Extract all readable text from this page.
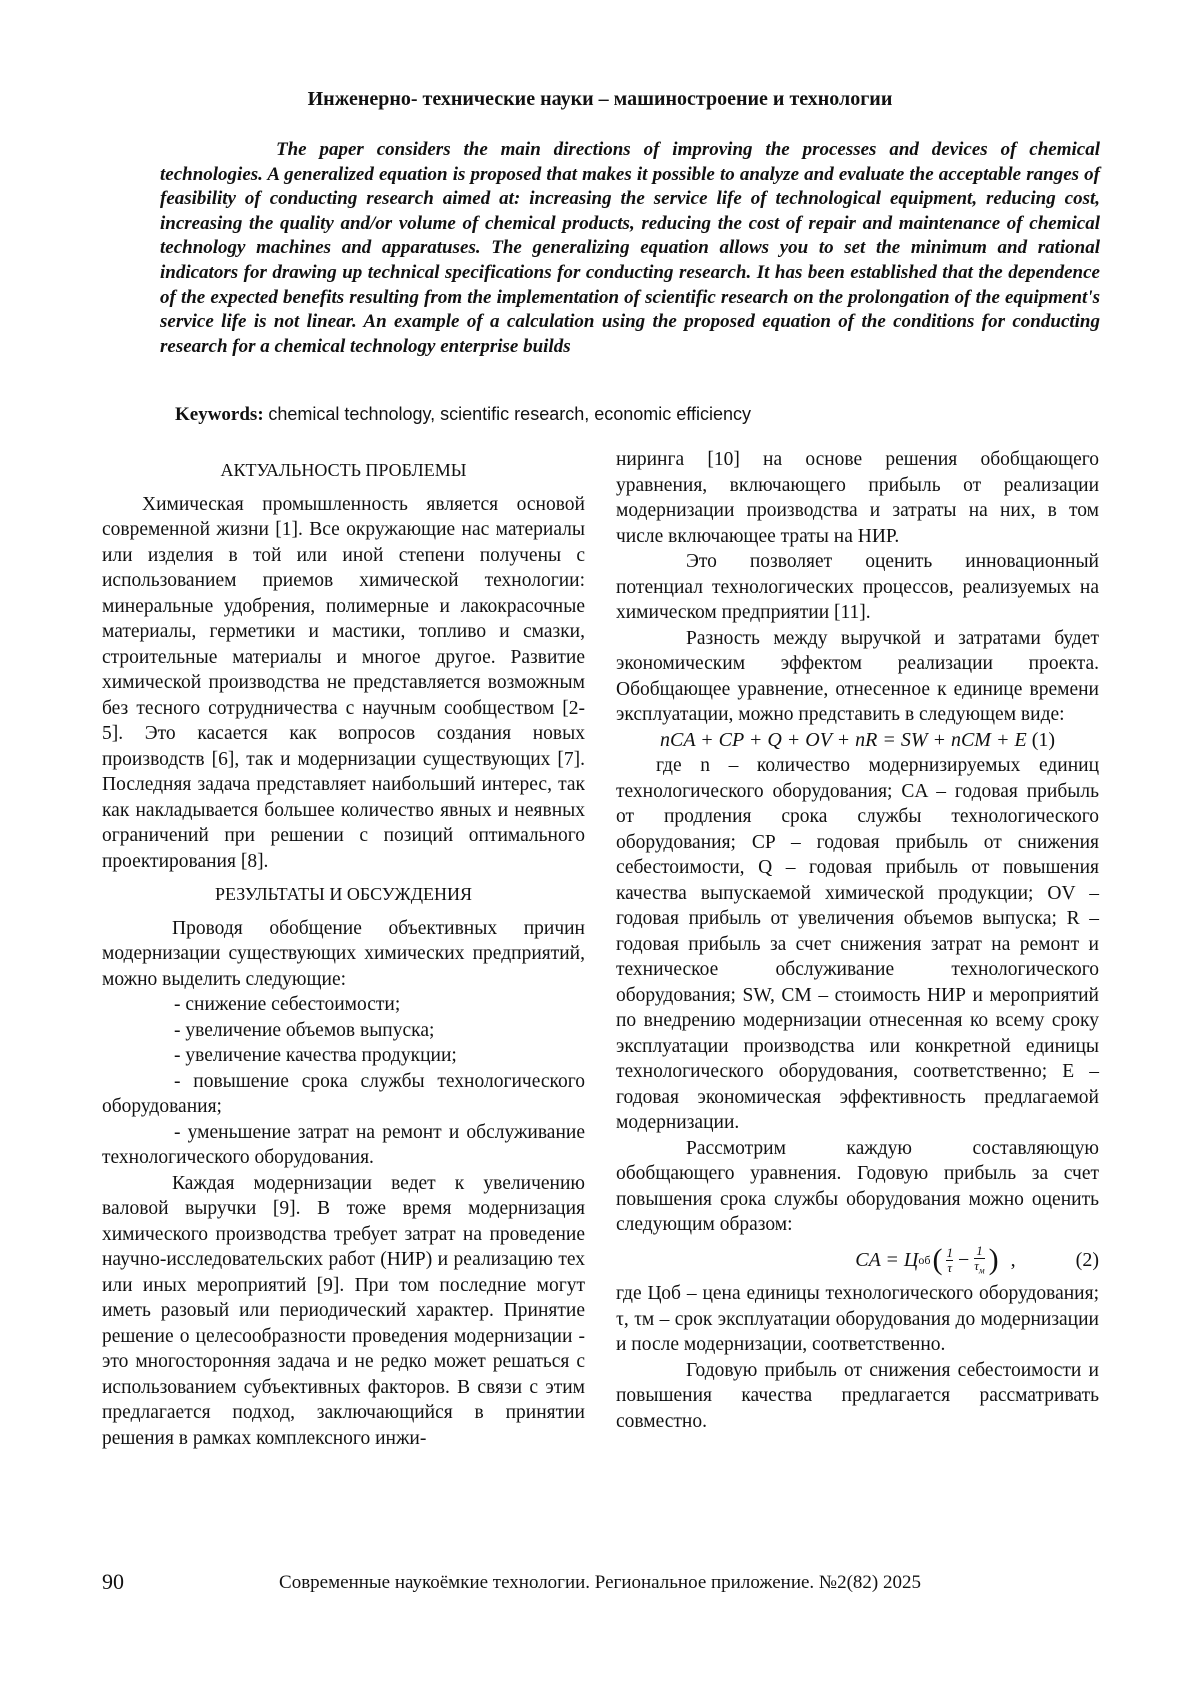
Инженерно- технические науки – машиностроение и технологии

The paper considers the main directions of improving the processes and devices of chemical technologies. A generalized equation is proposed that makes it possible to analyze and evaluate the acceptable ranges of feasibility of conducting research aimed at: increasing the service life of technological equipment, reducing cost, increasing the quality and/or volume of chemical products, reducing the cost of repair and maintenance of chemical technology machines and apparatuses. The generalizing equation allows you to set the minimum and rational indicators for drawing up technical specifications for conducting research. It has been established that the dependence of the expected benefits resulting from the implementation of scientific research on the prolongation of the equipment's service life is not linear. An example of a calculation using the proposed equation of the conditions for conducting research for a chemical technology enterprise builds

Keywords: chemical technology, scientific research, economic efficiency

АКТУАЛЬНОСТЬ ПРОБЛЕМЫ

Химическая промышленность является основой современной жизни [1]. Все окружающие нас материалы или изделия в той или иной степени получены с использованием приемов химической технологии: минеральные удобрения, полимерные и лакокрасочные материалы, герметики и мастики, топливо и смазки, строительные материалы и многое другое. Развитие химической производства не представляется возможным без тесного сотрудничества с научным сообществом [2-5]. Это касается как вопросов создания новых производств [6], так и модернизации существующих [7]. Последняя задача представляет наибольший интерес, так как накладывается большее количество явных и неявных ограничений при решении с позиций оптимального проектирования [8].

РЕЗУЛЬТАТЫ И ОБСУЖДЕНИЯ

Проводя обобщение объективных причин модернизации существующих химических предприятий, можно выделить следующие:

- снижение себестоимости;

- увеличение объемов выпуска;

- увеличение качества продукции;

- повышение срока службы технологического оборудования;

- уменьшение затрат на ремонт и обслуживание технологического оборудования.

Каждая модернизации ведет к увеличению валовой выручки [9]. В тоже время модернизация химического производства требует затрат на проведение научно-исследовательских работ (НИР) и реализацию тех или иных мероприятий [9]. При том последние могут иметь разовый или периодический характер. Принятие решение о целесообразности проведения модернизации - это многосторонняя задача и не редко может решаться с использованием субъективных факторов. В связи с этим предлагается подход, заключающийся в принятии решения в рамках комплексного инжи-

ниринга [10] на основе решения обобщающего уравнения, включающего прибыль от реализации модернизации производства и затраты на них, в том числе включающее траты на НИР.

Это позволяет оценить инновационный потенциал технологических процессов, реализуемых на химическом предприятии [11].

Разность между выручкой и затратами будет экономическим эффектом реализации проекта. Обобщающее уравнение, отнесенное к единице времени эксплуатации, можно представить в следующем виде:

nCA + CP + Q + OV + nR = SW + nCM + E (1)

где n – количество модернизируемых единиц технологического оборудования; CA – годовая прибыль от продления срока службы технологического оборудования; CP – годовая прибыль от снижения себестоимости, Q – годовая прибыль от повышения качества выпускаемой химической продукции; OV – годовая прибыль от увеличения объемов выпуска; R – годовая прибыль за счет снижения затрат на ремонт и техническое обслуживание технологического оборудования; SW, CM – стоимость НИР и мероприятий по внедрению модернизации отнесенная ко всему сроку эксплуатации производства или конкретной единицы технологического оборудования, соответственно; E – годовая экономическая эффективность предлагаемой модернизации.

Рассмотрим каждую составляющую обобщающего уравнения. Годовую прибыль за счет повышения срока службы оборудования можно оценить следующим образом:

CA = Ц об ( $\frac{1}{\tau} - \frac{1}{\tau_м}$ ) ,	(2)

где Цоб – цена единицы технологического оборудования; τ, τм – срок эксплуатации оборудования до модернизации и после модернизации, соответственно.

Годовую прибыль от снижения себестоимости и повышения качества предлагается рассматривать совместно.

90	Современные наукоёмкие технологии. Региональное приложение. №2(82) 2025
